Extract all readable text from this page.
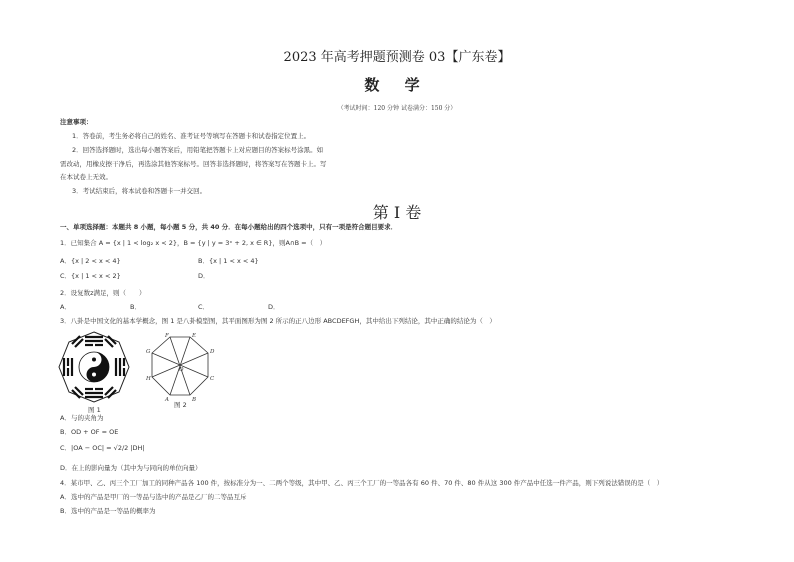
2023 年高考押题预测卷 03【广东卷】
数 学
（考试时间：120 分钟 试卷满分：150 分）
注意事项：
1．答卷前，考生务必将自己的姓名、准考证号等填写在答题卡和试卷指定位置上。
2．回答选择题时，选出每小题答案后，用铅笔把答题卡上对应题目的答案标号涂黑。如
需改动，用橡皮擦干净后，再选涂其他答案标号。回答非选择题时，将答案写在答题卡上。写
在本试卷上无效。
3．考试结束后，将本试卷和答题卡一并交回。
第 I 卷
一、单项选择题：本题共 8 小题，每小题 5 分，共 40 分．在每小题给出的四个选项中，只有一项是符合题目要求．
1．已知集合 A = {x | 1 < log₂ x < 2}，B = {y | y = 3ˣ + 2, x ∈ R}，则A∩B =（　）
A．{x | 2 < x < 4}	B．{x | 1 < x < 4}
C．{x | 1 < x < 2}	D．
2．设复数z满足，则（　　）
A．	B．	C．	D．
3．八卦是中国文化的基本学概念，图 1 是八卦模型图，其平面图形为图 2 所示的正八边形 ABCDEFGH，其中给出下列结论，其中正确的结论为（　）
图 1
F	E
D
C
B
A
H
G
O
图 2
A．与的夹角为
B．OD + OF = OE
C．|OA − OC| = √2/2 |DH|
D．在上的影向量为（其中为与同向的单位向量）
4．某市甲、乙、丙三个工厂加工的同种产品各 100 件，按标准分为一、二两个等级，其中甲、乙、丙三个工厂的一等品各有 60 件、70 件、80 件从这 300 件产品中任选一件产品，则下列说法错误的是（　）
A．选中的产品是甲厂的一等品与选中的产品是乙厂的二等品互斥
B．选中的产品是一等品的概率为
